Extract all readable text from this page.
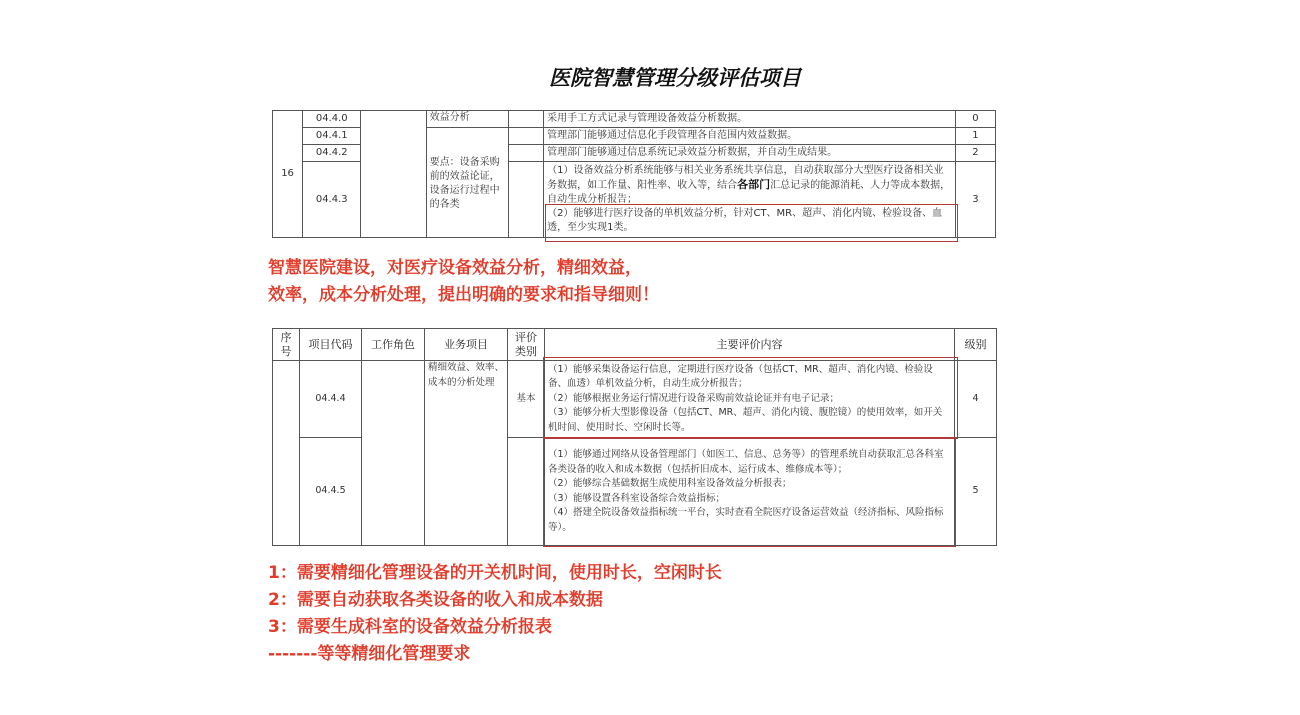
医院智慧管理分级评估项目
16	04.4.0		效益分析		采用手工方式记录与管理设备效益分析数据。	0
	04.4.1		要点：设备采购前的效益论证，设备运行过程中的各类		管理部门能够通过信息化手段管理各自范围内效益数据。	1
	04.4.2				管理部门能够通过信息系统记录效益分析数据，并自动生成结果。	2
	04.4.3				（1）设备效益分析系统能够与相关业务系统共享信息，自动获取部分大型医疗设备相关业务数据，如工作量、阳性率、收入等，结合各部门汇总记录的能源消耗、人力等成本数据，自动生成分析报告；
（2）能够进行医疗设备的单机效益分析，针对CT、MR、超声、消化内镜、检验设备、血透，至少实现1类。	3
智慧医院建设，对医疗设备效益分析，精细效益，
效率，成本分析处理，提出明确的要求和指导细则！
序号	项目代码	工作角色	业务项目	评价类别	主要评价内容	级别
	04.4.4		精细效益、效率、成本的分析处理	基本	（1）能够采集设备运行信息，定期进行医疗设备（包括CT、MR、超声、消化内镜、检验设备、血透）单机效益分析，自动生成分析报告；
（2）能够根据业务运行情况进行设备采购前效益论证并有电子记录；
（3）能够分析大型影像设备（包括CT、MR、超声、消化内镜、腹腔镜）的使用效率，如开关机时间、使用时长、空闲时长等。	4
	04.4.5				（1）能够通过网络从设备管理部门（如医工、信息、总务等）的管理系统自动获取汇总各科室各类设备的收入和成本数据（包括折旧成本、运行成本、维修成本等）；
（2）能够综合基础数据生成使用科室设备效益分析报表；
（3）能够设置各科室设备综合效益指标；
（4）搭建全院设备效益指标统一平台，实时查看全院医疗设备运营效益（经济指标、风险指标等）。	5
1：需要精细化管理设备的开关机时间，使用时长，空闲时长
2：需要自动获取各类设备的收入和成本数据
3：需要生成科室的设备效益分析报表
-------等等精细化管理要求
